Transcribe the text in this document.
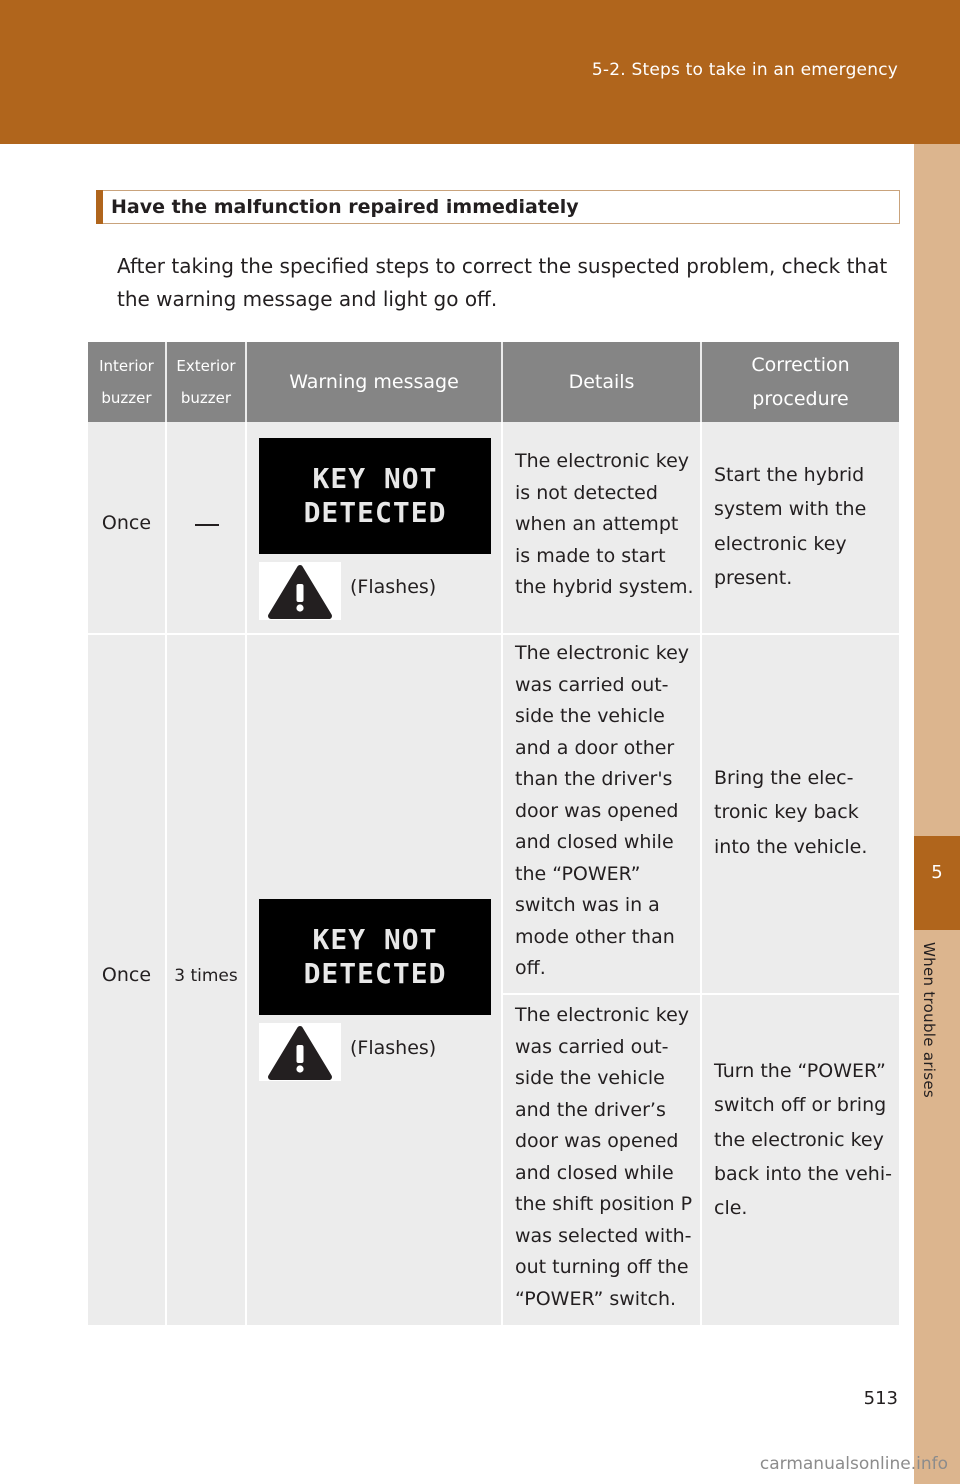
5-2. Steps to take in an emergency
5
When trouble arises
Have the malfunction repaired immediately
After taking the specified steps to correct the suspected problem, check that the warning message and light go off.
Interior buzzer
Exterior buzzer
Warning message	Details
Correction procedure
Once
KEY NOT DETECTED
(Flashes)
The electronic key is not detected when an attempt is made to start the hybrid system.
Start the hybrid system with the electronic key present.
Once	3 times
KEY NOT DETECTED
(Flashes)
The electronic key was carried out-side the vehicle and a door other than the driver's door was opened and closed while the “POWER” switch was in a mode other than off.
Bring the elec-tronic key back into the vehicle.
The electronic key was carried out-side the vehicle and the driver’s door was opened and closed while the shift position P was selected with-out turning off the “POWER” switch.
Turn the “POWER” switch off or bring the electronic key back into the vehi-cle.
513
carmanualsonline.info
